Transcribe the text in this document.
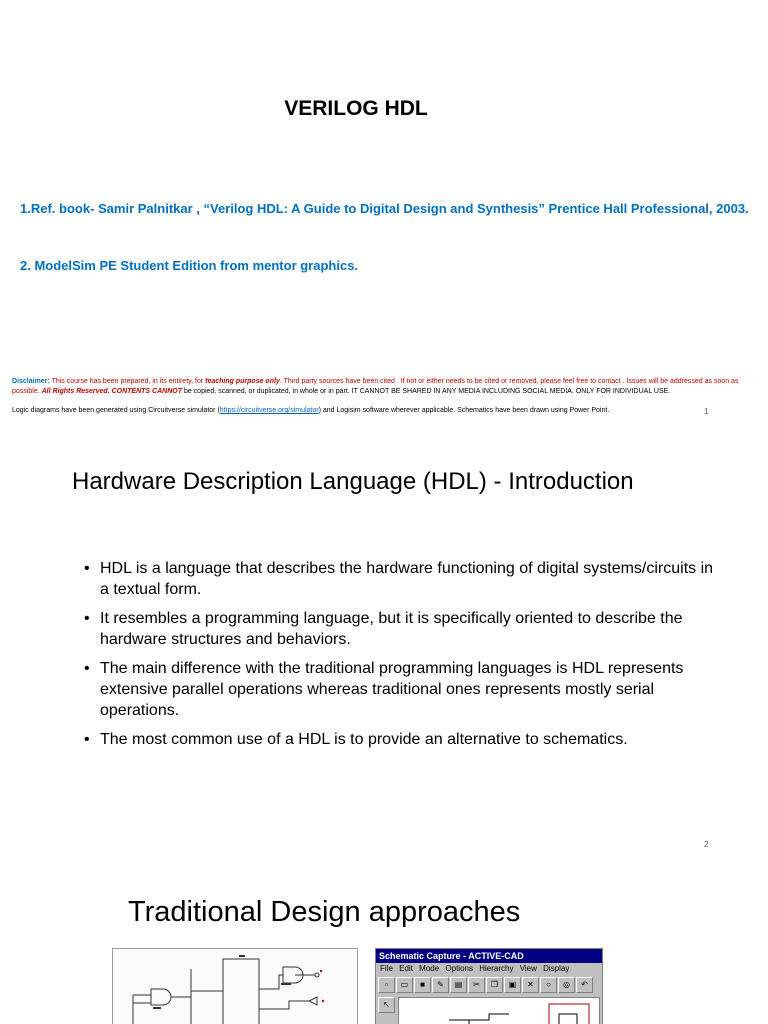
VERILOG HDL
1.Ref. book- Samir Palnitkar , “Verilog HDL: A Guide to Digital Design and Synthesis” Prentice Hall Professional, 2003.
2. ModelSim PE Student Edition from mentor graphics.
Disclaimer: This course has been prepared, in its entirety, for teaching purpose only. Third party sources have been cited . If not or either needs to be cited or removed, please feel free to contact . Issues will be addressed as soon as possible. All Rights Reserved. CONTENTS CANNOT be copied, scanned, or duplicated, in whole or in part. IT CANNOT BE SHARED IN ANY MEDIA INCLUDING SOCIAL MEDIA. ONLY FOR INDIVIDUAL USE.
Logic diagrams have been generated using Circuitverse simulator (https://circuitverse.org/simulator) and Logisim software wherever applicable. Schematics have been drawn using Power Point.	1
Hardware Description Language (HDL) - Introduction
• HDL is a language that describes the hardware functioning of digital systems/circuits in a textual form.
• It resembles a programming language, but it is specifically oriented to describe the hardware structures and behaviors.
• The main difference with the traditional programming languages is HDL represents extensive parallel operations whereas traditional ones represents mostly serial operations.
• The most common use of a HDL is to provide an alternative to schematics.
2
Traditional Design approaches
Schematic Capture - ACTIVE-CAD
File Edit Mode Options Hierarchy View Display
▫ ▭ ■ ✎ ▤ ✂ ❐ ▣ ✕ ○ ◎ ↶
↖
